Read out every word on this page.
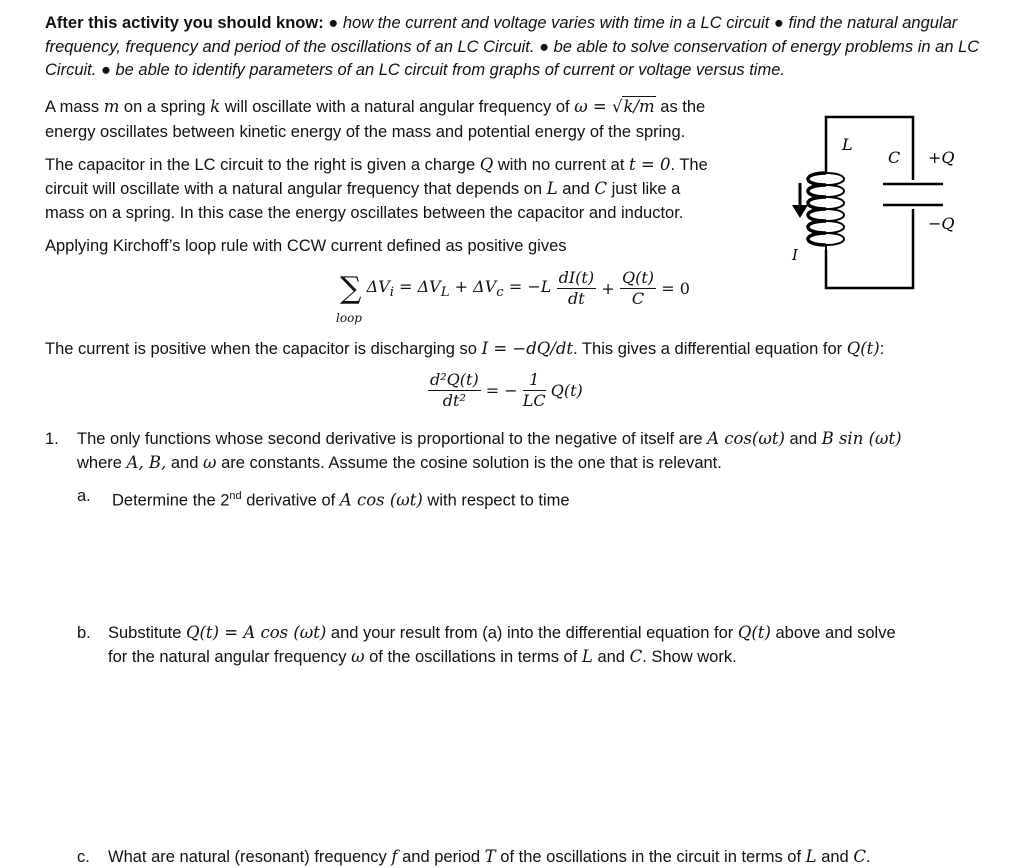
After this activity you should know: ● how the current and voltage varies with time in a LC circuit ● find the natural angular frequency, frequency and period of the oscillations of an LC Circuit. ● be able to solve conservation of energy problems in an LC Circuit. ● be able to identify parameters of an LC circuit from graphs of current or voltage versus time.
A mass m on a spring k will oscillate with a natural angular frequency of ω = √k/m as the
energy oscillates between kinetic energy of the mass and potential energy of the spring.
The capacitor in the LC circuit to the right is given a charge Q with no current at t = 0. The
circuit will oscillate with a natural angular frequency that depends on L and C just like a
mass on a spring. In this case the energy oscillates between the capacitor and inductor.
Applying Kirchoff’s loop rule with CCW current defined as positive gives
∑ $\Delta V_i = \Delta V_L + \Delta V_c = -L \frac{dI(t)}{dt} + \frac{Q(t)}{C} = 0$
loop
The current is positive when the capacitor is discharging so I = −dQ/dt. This gives a differential equation for Q(t):
$\frac{\text{d²Q(t)}}{\text{dt²}}$ = − $\frac{1}{LC} Q(t)$
1. The only functions whose second derivative is proportional to the negative of itself are A cos(ωt) and B sin (ωt)
where A, B, and ω are constants. Assume the cosine solution is the one that is relevant.
a. Determine the 2nd derivative of A cos (ωt) with respect to time
b. Substitute Q(t) = A cos (ωt) and your result from (a) into the differential equation for Q(t) above and solve
for the natural angular frequency ω of the oscillations in terms of L and C. Show work.
c. What are natural (resonant) frequency f and period T of the oscillations in the circuit in terms of L and C.
L
C +Q
−Q
I
